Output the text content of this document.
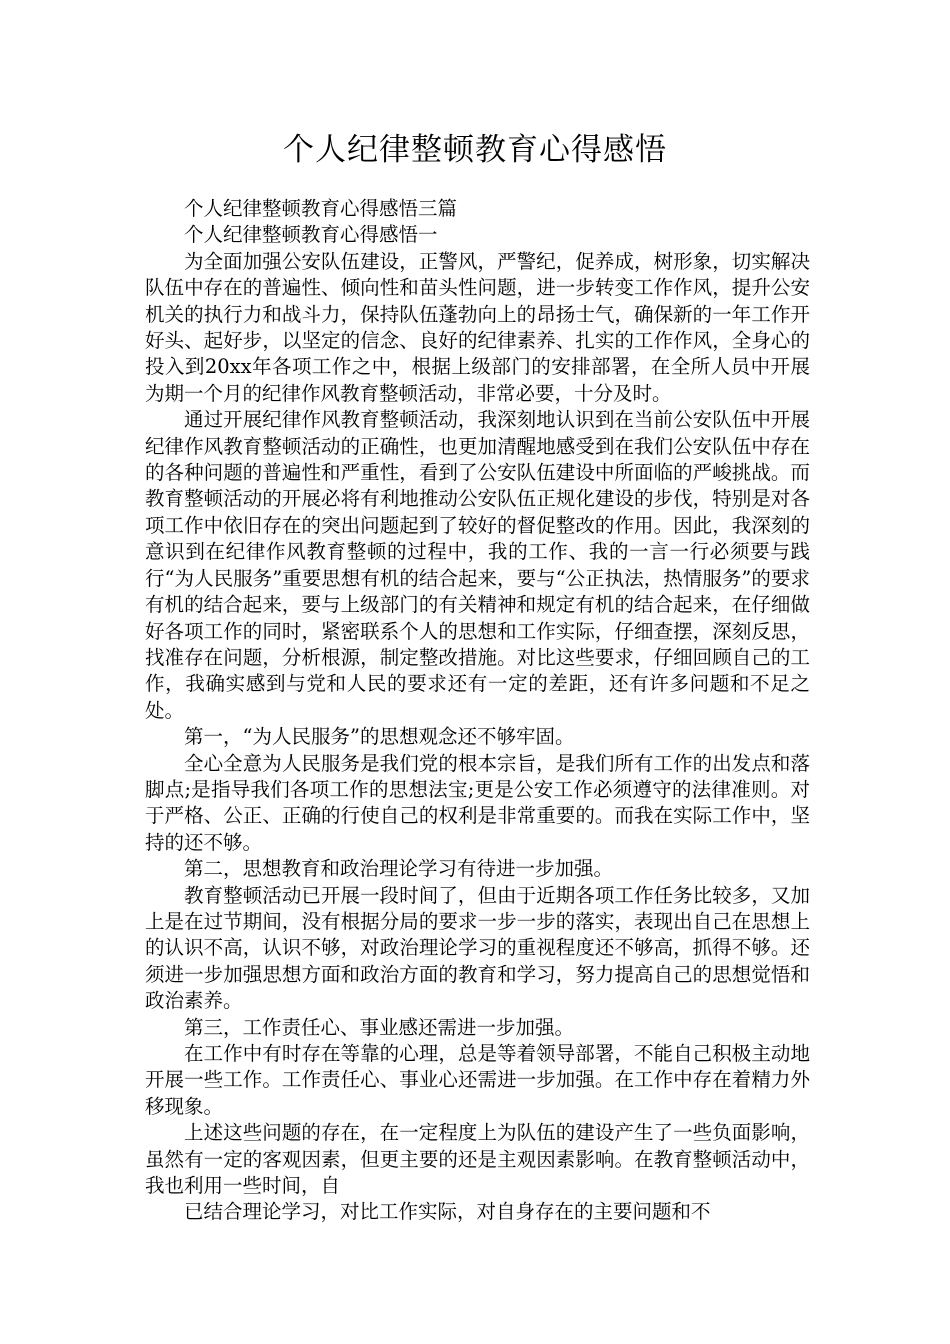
个人纪律整顿教育心得感悟

个人纪律整顿教育心得感悟三篇

个人纪律整顿教育心得感悟一

为全面加强公安队伍建设，正警风，严警纪，促养成，树形象，切实解决队伍中存在的普遍性、倾向性和苗头性问题，进一步转变工作作风，提升公安机关的执行力和战斗力，保持队伍蓬勃向上的昂扬士气，确保新的一年工作开好头、起好步，以坚定的信念、良好的纪律素养、扎实的工作作风，全身心的投入到20xx年各项工作之中，根据上级部门的安排部署，在全所人员中开展为期一个月的纪律作风教育整顿活动，非常必要，十分及时。

通过开展纪律作风教育整顿活动，我深刻地认识到在当前公安队伍中开展纪律作风教育整顿活动的正确性，也更加清醒地感受到在我们公安队伍中存在的各种问题的普遍性和严重性，看到了公安队伍建设中所面临的严峻挑战。而教育整顿活动的开展必将有利地推动公安队伍正规化建设的步伐，特别是对各项工作中依旧存在的突出问题起到了较好的督促整改的作用。因此，我深刻的意识到在纪律作风教育整顿的过程中，我的工作、我的一言一行必须要与践行“为人民服务”重要思想有机的结合起来，要与“公正执法，热情服务”的要求有机的结合起来，要与上级部门的有关精神和规定有机的结合起来，在仔细做好各项工作的同时，紧密联系个人的思想和工作实际，仔细查摆，深刻反思，找准存在问题，分析根源，制定整改措施。对比这些要求，仔细回顾自己的工作，我确实感到与党和人民的要求还有一定的差距，还有许多问题和不足之处。

第一，“为人民服务”的思想观念还不够牢固。

全心全意为人民服务是我们党的根本宗旨，是我们所有工作的出发点和落脚点;是指导我们各项工作的思想法宝;更是公安工作必须遵守的法律准则。对于严格、公正、正确的行使自己的权利是非常重要的。而我在实际工作中，坚持的还不够。

第二，思想教育和政治理论学习有待进一步加强。

教育整顿活动已开展一段时间了，但由于近期各项工作任务比较多，又加上是在过节期间，没有根据分局的要求一步一步的落实，表现出自己在思想上的认识不高，认识不够，对政治理论学习的重视程度还不够高，抓得不够。还须进一步加强思想方面和政治方面的教育和学习，努力提高自己的思想觉悟和政治素养。

第三，工作责任心、事业感还需进一步加强。

在工作中有时存在等靠的心理，总是等着领导部署，不能自己积极主动地开展一些工作。工作责任心、事业心还需进一步加强。在工作中存在着精力外移现象。

上述这些问题的存在，在一定程度上为队伍的建设产生了一些负面影响，虽然有一定的客观因素，但更主要的还是主观因素影响。在教育整顿活动中，我也利用一些时间，自

已结合理论学习，对比工作实际，对自身存在的主要问题和不
